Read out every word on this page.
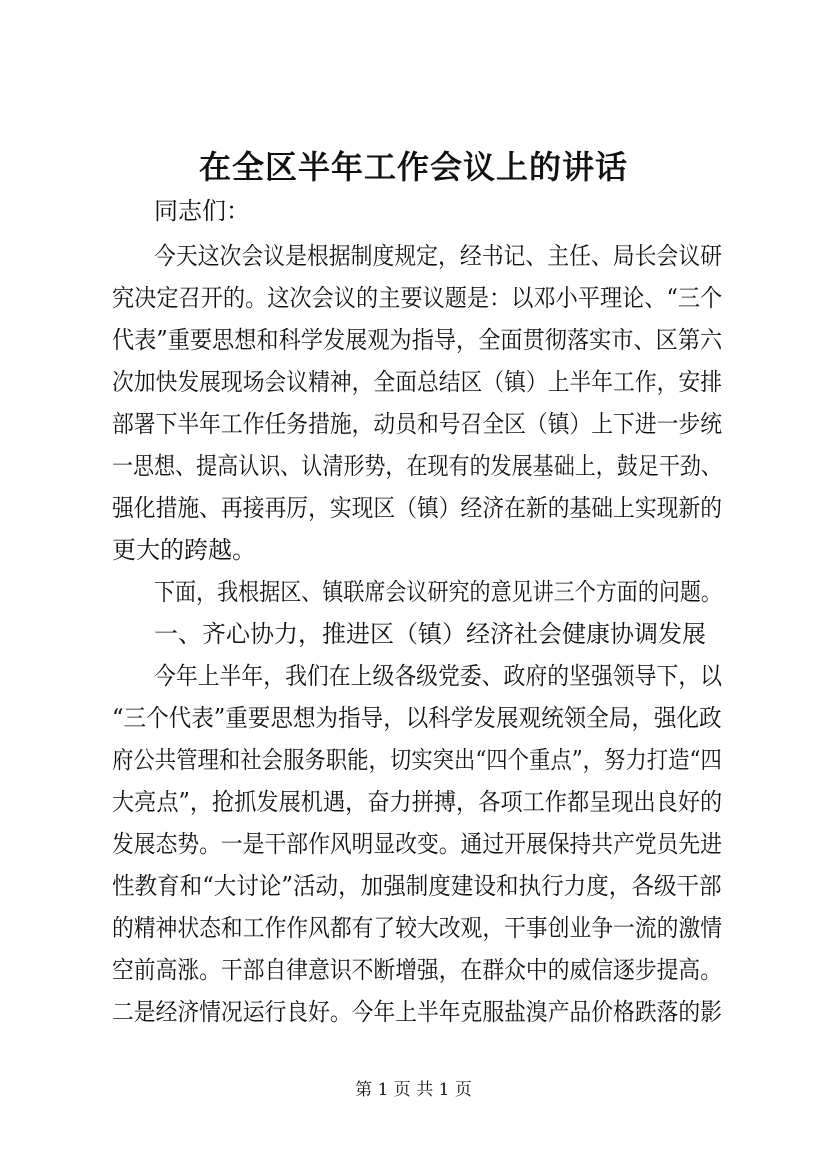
在全区半年工作会议上的讲话
同志们：
今天这次会议是根据制度规定，经书记、主任、局长会议研
究决定召开的。这次会议的主要议题是：以邓小平理论、“三个
代表”重要思想和科学发展观为指导，全面贯彻落实市、区第六
次加快发展现场会议精神，全面总结区（镇）上半年工作，安排
部署下半年工作任务措施，动员和号召全区（镇）上下进一步统
一思想、提高认识、认清形势，在现有的发展基础上，鼓足干劲、
强化措施、再接再厉，实现区（镇）经济在新的基础上实现新的
更大的跨越。
下面，我根据区、镇联席会议研究的意见讲三个方面的问题。
一、齐心协力，推进区（镇）经济社会健康协调发展
今年上半年，我们在上级各级党委、政府的坚强领导下，以
“三个代表”重要思想为指导，以科学发展观统领全局，强化政
府公共管理和社会服务职能，切实突出“四个重点”，努力打造“四
大亮点”，抢抓发展机遇，奋力拼搏，各项工作都呈现出良好的
发展态势。一是干部作风明显改变。通过开展保持共产党员先进
性教育和“大讨论”活动，加强制度建设和执行力度，各级干部
的精神状态和工作作风都有了较大改观，干事创业争一流的激情
空前高涨。干部自律意识不断增强，在群众中的威信逐步提高。
二是经济情况运行良好。今年上半年克服盐溴产品价格跌落的影
第 1 页 共 1 页
